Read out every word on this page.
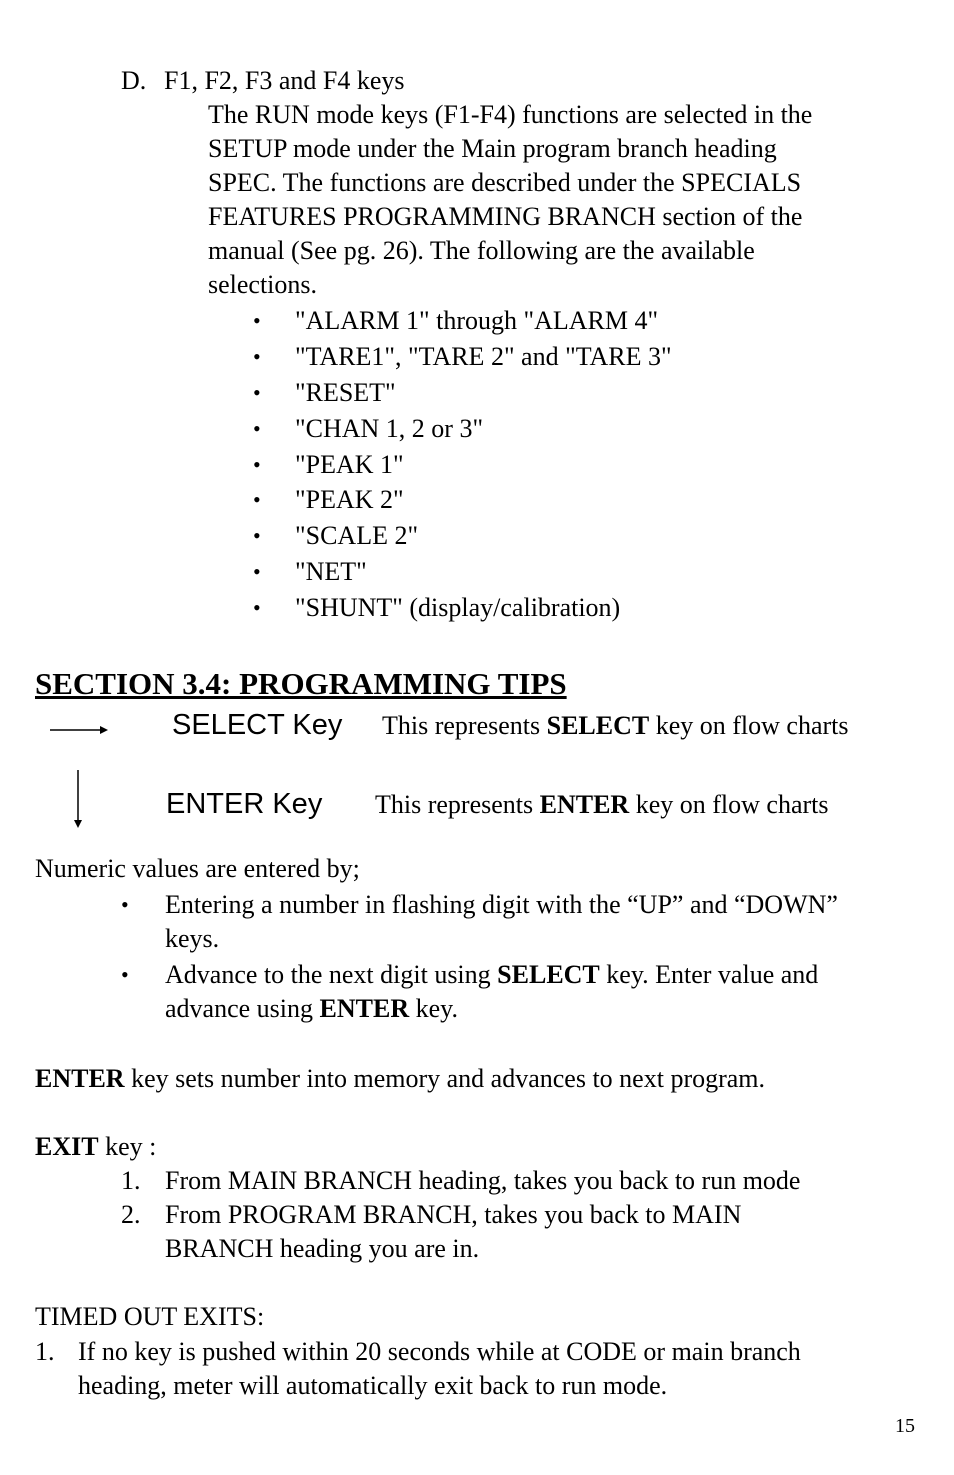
D. F1, F2, F3 and F4 keys
The RUN mode keys (F1-F4) functions are selected in the
SETUP mode under the Main program branch heading
SPEC. The functions are described under the SPECIALS
FEATURES PROGRAMMING BRANCH section of the
manual (See pg. 26). The following are the available
selections.
• "ALARM 1" through "ALARM 4"
• "TARE1", "TARE 2" and "TARE 3"
• "RESET"
• "CHAN 1, 2 or 3"
• "PEAK 1"
• "PEAK 2"
• "SCALE 2"
• "NET"
• "SHUNT" (display/calibration)
SECTION 3.4: PROGRAMMING TIPS
SELECT Key This represents SELECT key on flow charts
ENTER Key This represents ENTER key on flow charts
Numeric values are entered by;
• Entering a number in flashing digit with the “UP” and “DOWN”
keys.
• Advance to the next digit using SELECT key. Enter value and
advance using ENTER key.
ENTER key sets number into memory and advances to next program.
EXIT key :
1. From MAIN BRANCH heading, takes you back to run mode
2. From PROGRAM BRANCH, takes you back to MAIN
BRANCH heading you are in.
TIMED OUT EXITS:
1. If no key is pushed within 20 seconds while at CODE or main branch
heading, meter will automatically exit back to run mode.
15
